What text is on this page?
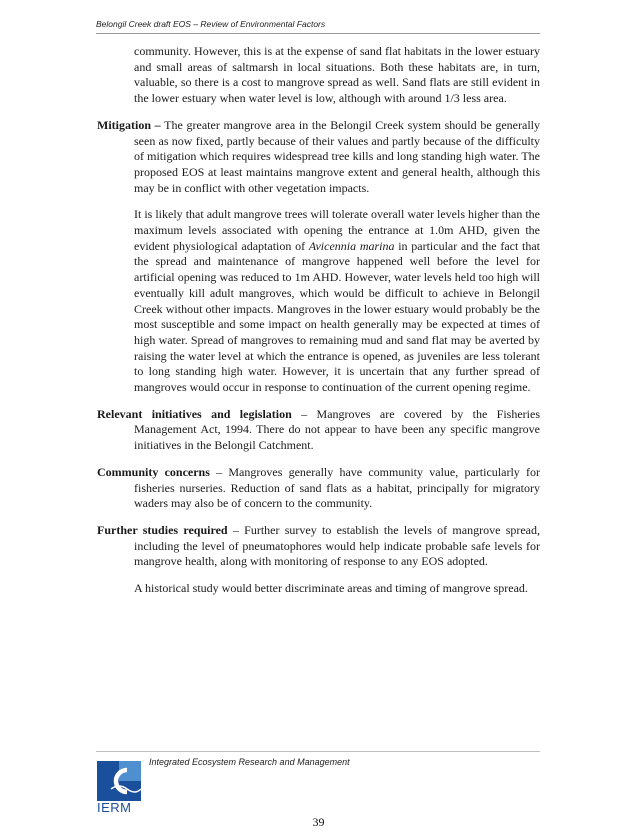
Belongil Creek draft EOS – Review of Environmental Factors

community. However, this is at the expense of sand flat habitats in the lower estuary and small areas of saltmarsh in local situations. Both these habitats are, in turn, valuable, so there is a cost to mangrove spread as well. Sand flats are still evident in the lower estuary when water level is low, although with around 1/3 less area.

Mitigation – The greater mangrove area in the Belongil Creek system should be generally seen as now fixed, partly because of their values and partly because of the difficulty of mitigation which requires widespread tree kills and long standing high water. The proposed EOS at least maintains mangrove extent and general health, although this may be in conflict with other vegetation impacts.

It is likely that adult mangrove trees will tolerate overall water levels higher than the maximum levels associated with opening the entrance at 1.0m AHD, given the evident physiological adaptation of Avicennia marina in particular and the fact that the spread and maintenance of mangrove happened well before the level for artificial opening was reduced to 1m AHD. However, water levels held too high will eventually kill adult mangroves, which would be difficult to achieve in Belongil Creek without other impacts. Mangroves in the lower estuary would probably be the most susceptible and some impact on health generally may be expected at times of high water. Spread of mangroves to remaining mud and sand flat may be averted by raising the water level at which the entrance is opened, as juveniles are less tolerant to long standing high water. However, it is uncertain that any further spread of mangroves would occur in response to continuation of the current opening regime.

Relevant initiatives and legislation – Mangroves are covered by the Fisheries Management Act, 1994. There do not appear to have been any specific mangrove initiatives in the Belongil Catchment.

Community concerns – Mangroves generally have community value, particularly for fisheries nurseries. Reduction of sand flats as a habitat, principally for migratory waders may also be of concern to the community.

Further studies required – Further survey to establish the levels of mangrove spread, including the level of pneumatophores would help indicate probable safe levels for mangrove health, along with monitoring of response to any EOS adopted.

A historical study would better discriminate areas and timing of mangrove spread.

IERM
Integrated Ecosystem Research and Management
39
